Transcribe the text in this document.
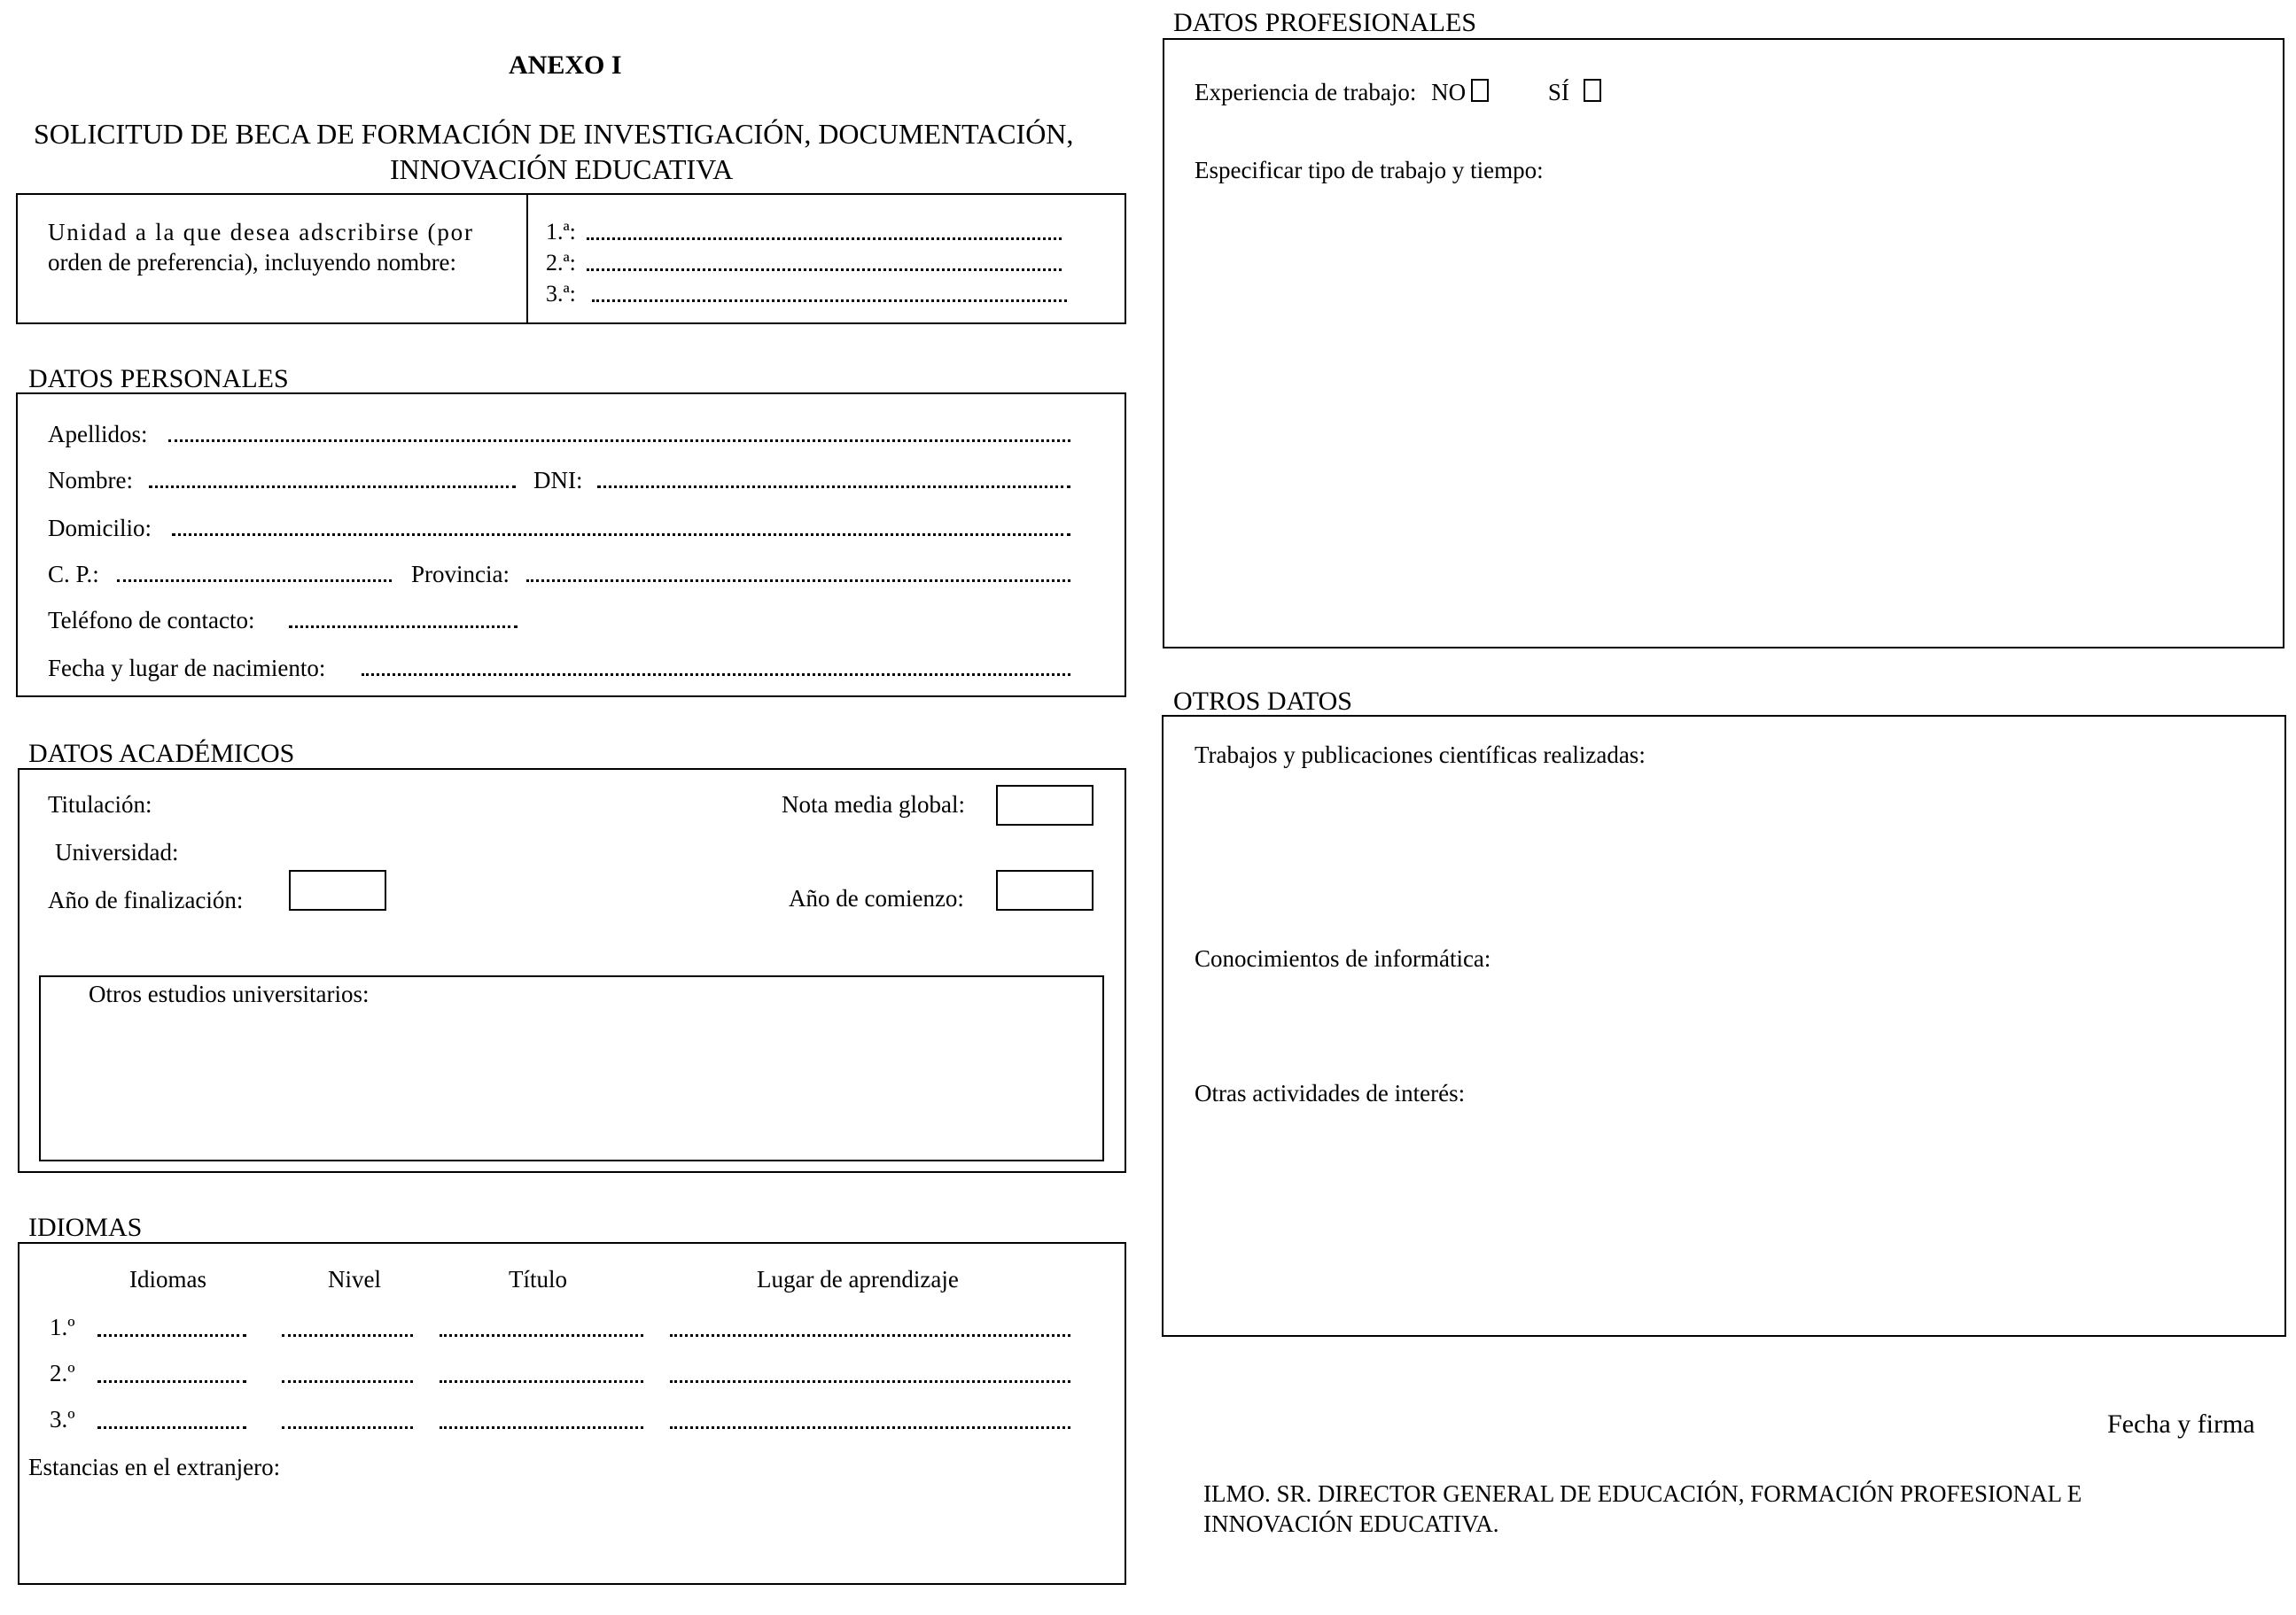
ANEXO I
SOLICITUD DE BECA DE FORMACIÓN DE INVESTIGACIÓN, DOCUMENTACIÓN,
INNOVACIÓN EDUCATIVA
Unidad a la que desea adscribirse (por
orden de preferencia), incluyendo nombre:
1.ª:
2.ª:
3.ª:
DATOS PERSONALES
Apellidos:
Nombre:	DNI:
Domicilio:
C. P.:	Provincia:
Teléfono de contacto:
Fecha y lugar de nacimiento:
DATOS ACADÉMICOS
Titulación:	Nota media global:
Universidad:
Año de finalización:	Año de comienzo:
Otros estudios universitarios:
IDIOMAS
Idiomas	Nivel	Título	Lugar de aprendizaje
1.º
2.º
3.º
Estancias en el extranjero:
DATOS PROFESIONALES
Experiencia de trabajo: NO	SÍ
Especificar tipo de trabajo y tiempo:
OTROS DATOS
Trabajos y publicaciones científicas realizadas:
Conocimientos de informática:
Otras actividades de interés:
Fecha y firma
ILMO. SR. DIRECTOR GENERAL DE EDUCACIÓN, FORMACIÓN PROFESIONAL E
INNOVACIÓN EDUCATIVA.
